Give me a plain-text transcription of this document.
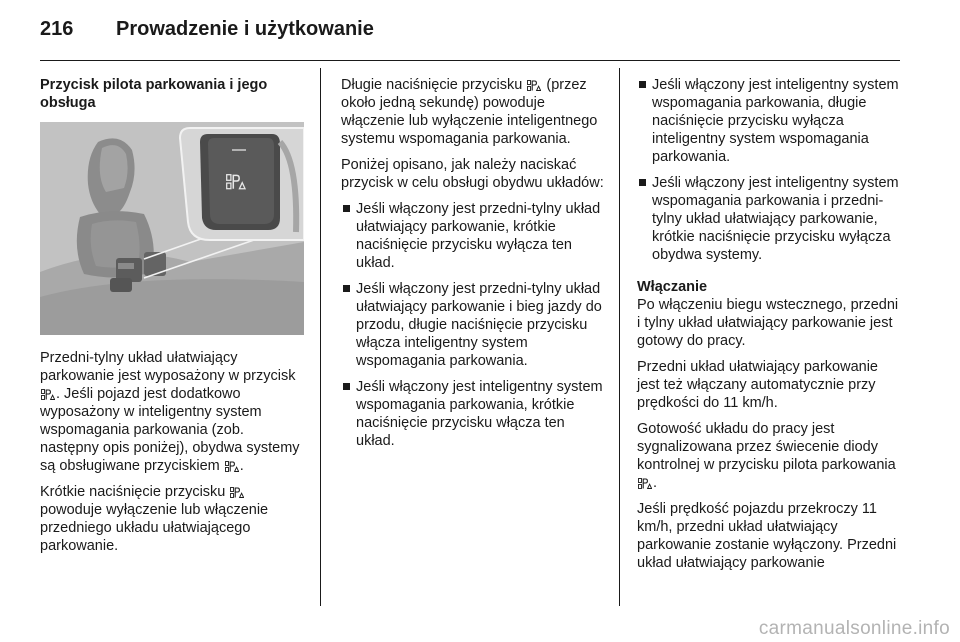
216 Prowadzenie i użytkowanie
Przycisk pilota parkowania i jego obsługa

Przedni-tylny układ ułatwiający parkowanie jest wyposażony w przycisk . Jeśli pojazd jest dodatkowo wyposażony w inteligentny system wspomagania parkowania (zob. następny opis poniżej), obydwa systemy są obsługiwane przyciskiem .

Krótkie naciśnięcie przycisku  powoduje wyłączenie lub włączenie przedniego układu ułatwiającego parkowanie.

Długie naciśnięcie przycisku  (przez około jedną sekundę) powoduje włączenie lub wyłączenie inteligentnego systemu wspomagania parkowania.

Poniżej opisano, jak należy naciskać przycisk w celu obsługi obydwu układów:

Jeśli włączony jest przedni-tylny układ ułatwiający parkowanie, krótkie naciśnięcie przycisku wyłącza ten układ.
Jeśli włączony jest przedni-tylny układ ułatwiający parkowanie i bieg jazdy do przodu, długie naciśnięcie przycisku włącza inteligentny system wspomagania parkowania.
Jeśli włączony jest inteligentny system wspomagania parkowania, krótkie naciśnięcie przycisku włącza ten układ.
Jeśli włączony jest inteligentny system wspomagania parkowania, długie naciśnięcie przycisku wyłącza inteligentny system wspomagania parkowania.
Jeśli włączony jest inteligentny system wspomagania parkowania i przedni-tylny układ ułatwiający parkowanie, krótkie naciśnięcie przycisku wyłącza obydwa systemy.
Włączanie

Po włączeniu biegu wstecznego, przedni i tylny układ ułatwiający parkowanie jest gotowy do pracy.

Przedni układ ułatwiający parkowanie jest też włączany automatycznie przy prędkości do 11 km/h.

Gotowość układu do pracy jest sygnalizowana przez świecenie diody kontrolnej w przycisku pilota parkowania .

Jeśli prędkość pojazdu przekroczy 11 km/h, przedni układ ułatwiający parkowanie zostanie wyłączony. Przedni układ ułatwiający parkowanie

carmanualsonline.info
